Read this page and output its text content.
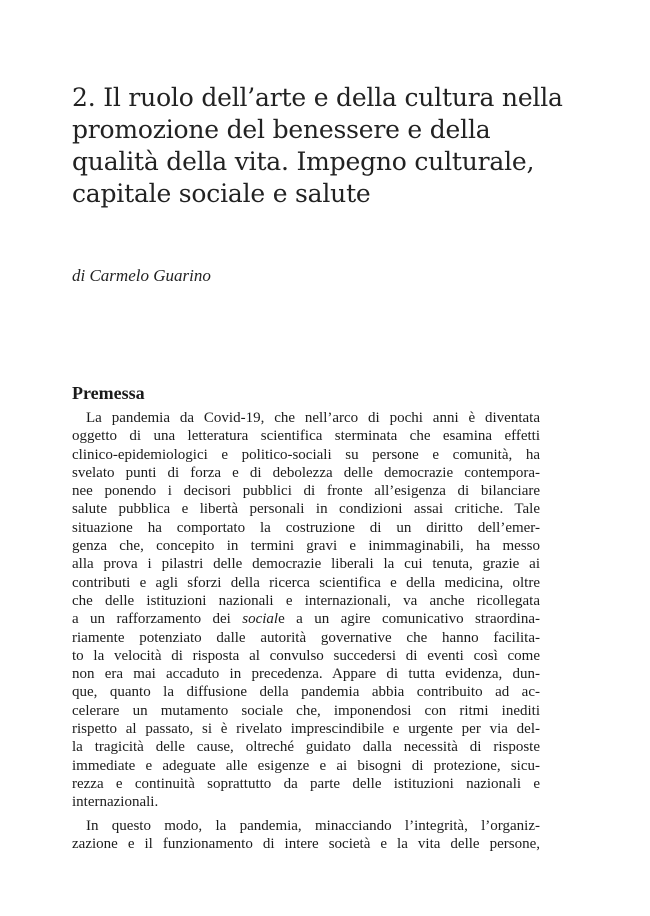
2. Il ruolo dell’arte e della cultura nella
promozione del benessere e della
qualità della vita. Impegno culturale,
capitale sociale e salute

di Carmelo Guarino

Premessa
La pandemia da Covid-19, che nell’arco di pochi anni è diventata
oggetto di una letteratura scientifica sterminata che esamina effetti
clinico-epidemiologici e politico-sociali su persone e comunità, ha
svelato punti di forza e di debolezza delle democrazie contempora-
nee ponendo i decisori pubblici di fronte all’esigenza di bilanciare
salute pubblica e libertà personali in condizioni assai critiche. Tale
situazione ha comportato la costruzione di un diritto dell’emer-
genza che, concepito in termini gravi e inimmaginabili, ha messo
alla prova i pilastri delle democrazie liberali la cui tenuta, grazie ai
contributi e agli sforzi della ricerca scientifica e della medicina, oltre
che delle istituzioni nazionali e internazionali, va anche ricollegata
a un rafforzamento dei sociale a un agire comunicativo straordina-
riamente potenziato dalle autorità governative che hanno facilita-
to la velocità di risposta al convulso succedersi di eventi così come
non era mai accaduto in precedenza. Appare di tutta evidenza, dun-
que, quanto la diffusione della pandemia abbia contribuito ad ac-
celerare un mutamento sociale che, imponendosi con ritmi inediti
rispetto al passato, si è rivelato imprescindibile e urgente per via del-
la tragicità delle cause, oltreché guidato dalla necessità di risposte
immediate e adeguate alle esigenze e ai bisogni di protezione, sicu-
rezza e continuità soprattutto da parte delle istituzioni nazionali e
internazionali.
In questo modo, la pandemia, minacciando l’integrità, l’organiz-
zazione e il funzionamento di intere società e la vita delle persone,
